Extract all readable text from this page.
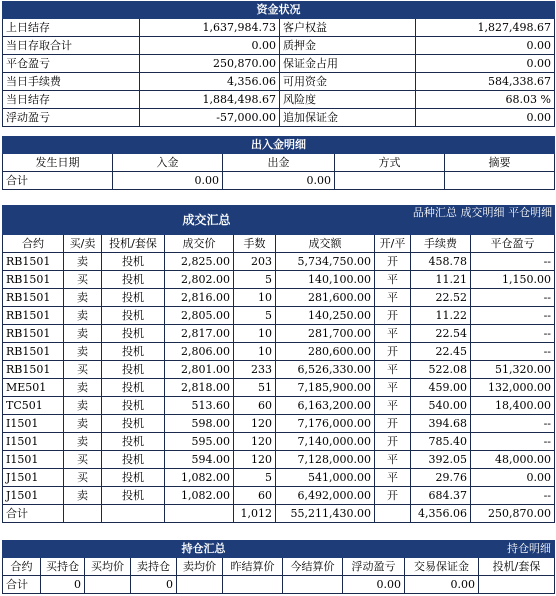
资金状况			
上日结存	1,637,984.73	客户权益	1,827,498.67
当日存取合计	0.00	质押金	0.00
平仓盈亏	250,870.00	保证金占用	0.00
当日手续费	4,356.06	可用资金	584,338.67
当日结存	1,884,498.67	风险度	68.03 %
浮动盈亏	-57,000.00	追加保证金	0.00
出入金明细				
发生日期	入金	出金	方式	摘要
合计	0.00	0.00		
成交汇总							品种汇总 成交明细 平仓明细	

合约	买/卖	投机/套保	成交价	手数	成交额	开/平	手续费	平仓盈亏
RB1501	卖	投机	2,825.00	203	5,734,750.00	开	458.78	--
RB1501	买	投机	2,802.00	5	140,100.00	平	11.21	1,150.00
RB1501	卖	投机	2,816.00	10	281,600.00	平	22.52	--
RB1501	卖	投机	2,805.00	5	140,250.00	开	11.22	--
RB1501	卖	投机	2,817.00	10	281,700.00	平	22.54	--
RB1501	卖	投机	2,806.00	10	280,600.00	开	22.45	--
RB1501	买	投机	2,801.00	233	6,526,330.00	平	522.08	51,320.00
ME501	卖	投机	2,818.00	51	7,185,900.00	平	459.00	132,000.00
TC501	卖	投机	513.60	60	6,163,200.00	平	540.00	18,400.00
I1501	卖	投机	598.00	120	7,176,000.00	开	394.68	--
I1501	卖	投机	595.00	120	7,140,000.00	开	785.40	--
I1501	买	投机	594.00	120	7,128,000.00	平	392.05	48,000.00
J1501	买	投机	1,082.00	5	541,000.00	平	29.76	0.00
J1501	卖	投机	1,082.00	60	6,492,000.00	开	684.37	--
合计				1,012	55,211,430.00		4,356.06	250,870.00
持仓汇总								持仓明细	
合约	买持仓	买均价	卖持仓	卖均价	昨结算价	今结算价	浮动盈亏	交易保证金	投机/套保
合计	0		0				0.00	0.00	
